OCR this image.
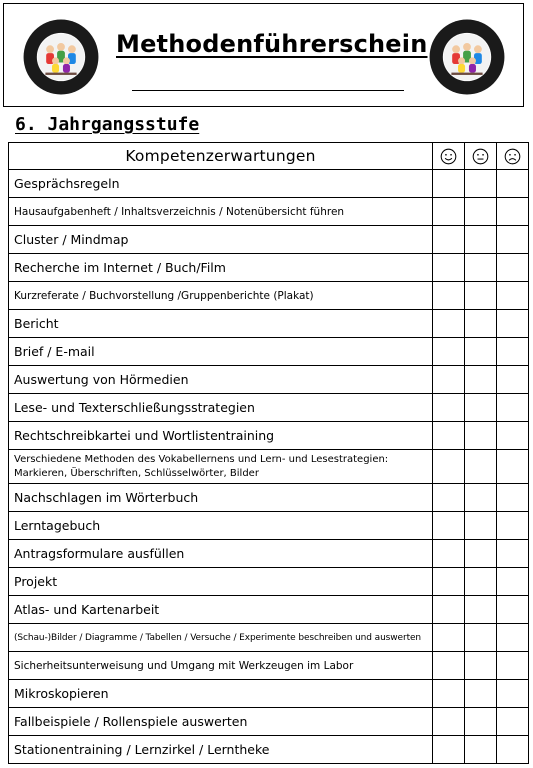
Methodenführerschein
6. Jahrgangsstufe
Kompetenzerwartungen	

Gesprächsregeln			
Hausaufgabenheft / Inhaltsverzeichnis / Notenübersicht führen			
Cluster / Mindmap			
Recherche im Internet / Buch/Film			
Kurzreferate / Buchvorstellung /Gruppenberichte (Plakat)			
Bericht			
Brief / E-mail			
Auswertung von Hörmedien			
Lese- und Texterschließungsstrategien			
Rechtschreibkartei und Wortlistentraining			
Verschiedene Methoden des Vokabellernens und Lern- und Lesestrategien: Markieren, Überschriften, Schlüsselwörter, Bilder			
Nachschlagen im Wörterbuch			
Lerntagebuch			
Antragsformulare ausfüllen			
Projekt			
Atlas- und Kartenarbeit			
(Schau-)Bilder / Diagramme / Tabellen / Versuche / Experimente beschreiben und auswerten			
Sicherheitsunterweisung und Umgang mit Werkzeugen im Labor			
Mikroskopieren			
Fallbeispiele / Rollenspiele auswerten			
Stationentraining / Lernzirkel / Lerntheke			
